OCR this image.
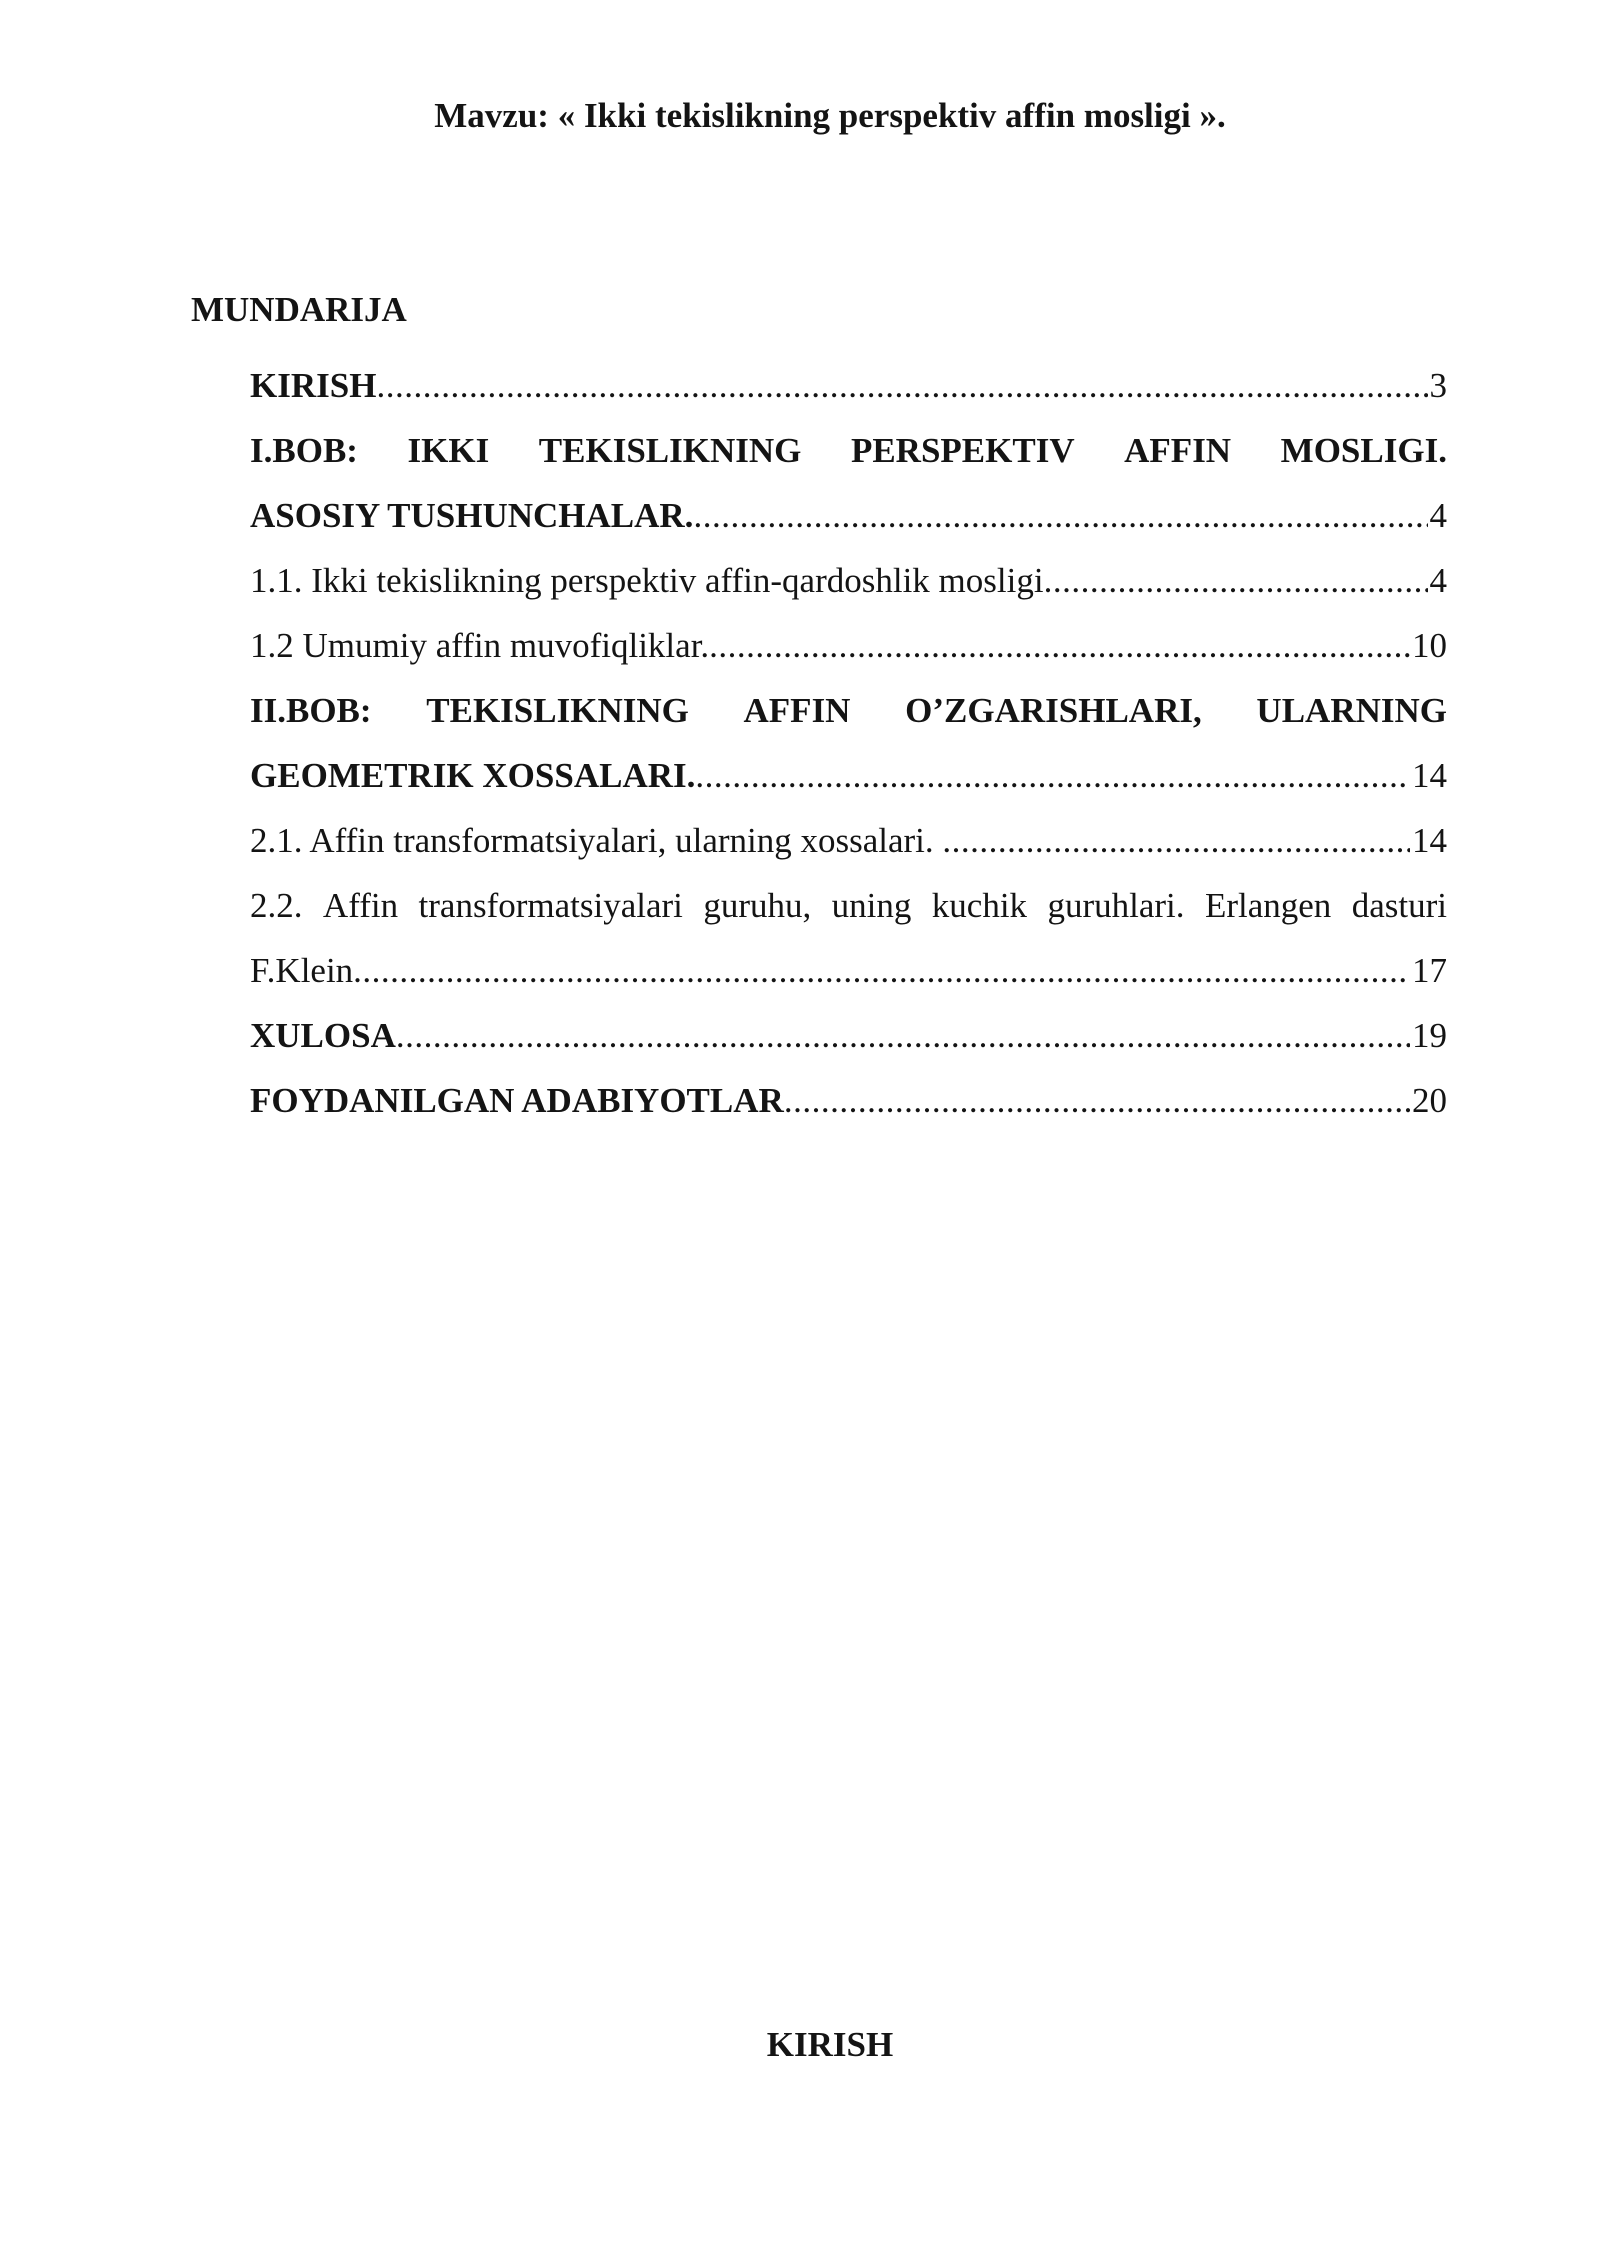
Mavzu: « Ikki tekislikning perspektiv affin mosligi ».
MUNDARIJA
KIRISH .....	3
I.BOB: IKKI TEKISLIKNING PERSPEKTIV AFFIN MOSLIGI.
ASOSIY TUSHUNCHALAR. .....	4
1.1. Ikki tekislikning perspektiv affin-qardoshlik mosligi .....	4
1.2 Umumiy affin muvofiqliklar. .....	10
II.BOB: TEKISLIKNING AFFIN O’ZGARISHLARI, ULARNING
GEOMETRIK XOSSALARI. .....	14
2.1. Affin transformatsiyalari, ularning xossalari. .....	14
2.2. Affin transformatsiyalari guruhu, uning kuchik guruhlari. Erlangen dasturi
F.Klein .....	17
XULOSA .....	19
FOYDANILGAN ADABIYOTLAR .....	20
KIRISH
